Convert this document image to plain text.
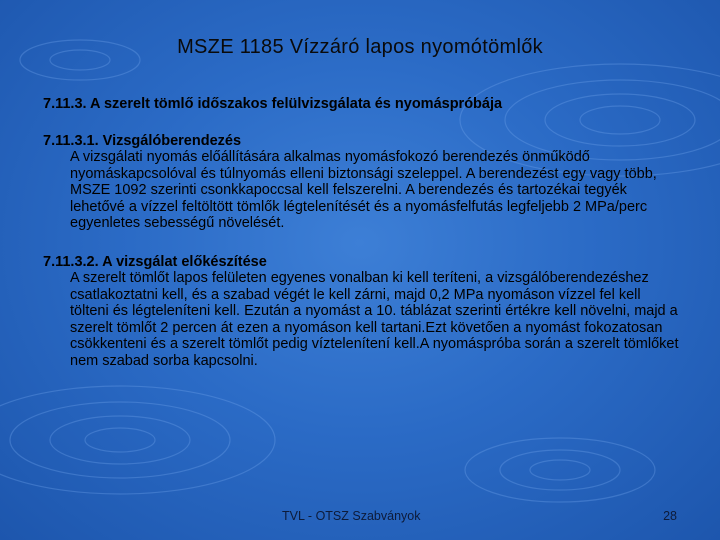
MSZE 1185 Vízzáró lapos nyomótömlők

7.11.3. A szerelt tömlő időszakos felülvizsgálata és nyomáspróbája

7.11.3.1. Vizsgálóberendezés
A vizsgálati nyomás előállítására alkalmas nyomásfokozó berendezés önműködő nyomáskapcsolóval és túlnyomás elleni biztonsági szeleppel. A berendezést egy vagy több, MSZE 1092 szerinti csonkkapoccsal kell felszerelni. A berendezés és tartozékai tegyék lehetővé a vízzel feltöltött tömlők légtelenítését és a nyomásfelfutás legfeljebb 2 MPa/perc egyenletes sebességű növelését.

7.11.3.2. A vizsgálat előkészítése
A szerelt tömlőt lapos felületen egyenes vonalban ki kell teríteni, a vizsgálóberendezéshez csatlakoztatni kell, és a szabad végét le kell zárni, majd 0,2 MPa nyomáson vízzel fel kell tölteni és légteleníteni kell. Ezután a nyomást a 10. táblázat szerinti értékre kell növelni, majd a szerelt tömlőt 2 percen át ezen a nyomáson kell tartani.Ezt követően a nyomást fokozatosan csökkenteni és a szerelt tömlőt pedig víztelenítení kell.A nyomáspróba során a szerelt tömlőket nem szabad sorba kapcsolni.

TVL - OTSZ Szabványok	28
